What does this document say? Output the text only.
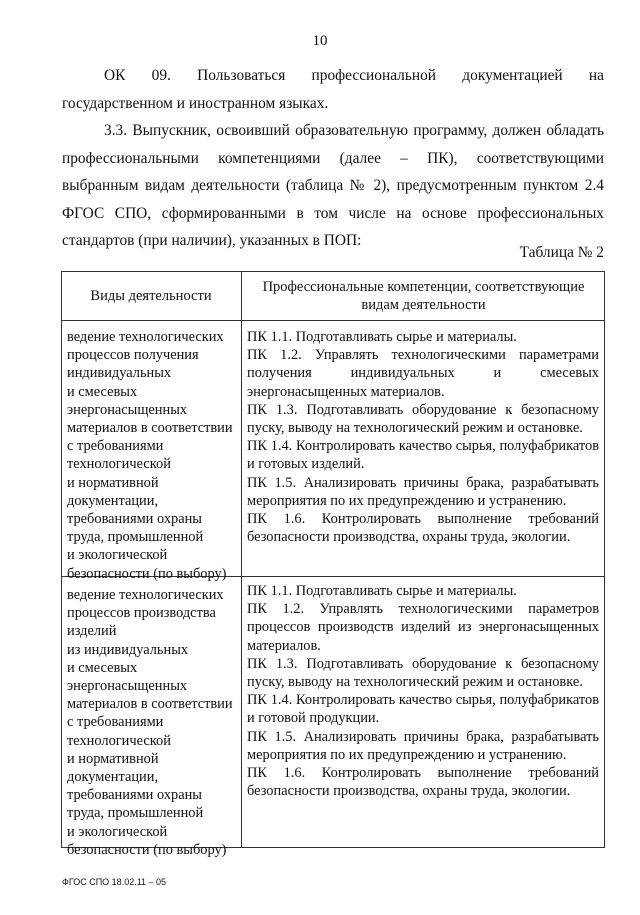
10

ОК 09. Пользоваться профессиональной документацией на государственном и иностранном языках.

3.3. Выпускник, освоивший образовательную программу, должен обладать профессиональными компетенциями (далее – ПК), соответствующими выбранным видам деятельности (таблица № 2), предусмотренным пунктом 2.4 ФГОС СПО, сформированными в том числе на основе профессиональных стандартов (при наличии), указанных в ПОП:

Таблица № 2
Виды деятельности
Профессиональные компетенции, соответствующие видам деятельности
ведение технологических
процессов получения
индивидуальных
и смесевых
энергонасыщенных
материалов в соответствии
с требованиями
технологической
и нормативной
документации,
требованиями охраны
труда, промышленной
и экологической
безопасности (по выбору)
ПК 1.1. Подготавливать сырье и материалы.
ПК 1.2. Управлять технологическими параметрами получения индивидуальных и смесевых энергонасыщенных материалов.
ПК 1.3. Подготавливать оборудование к безопасному пуску, выводу на технологический режим и остановке.
ПК 1.4. Контролировать качество сырья, полуфабрикатов и готовых изделий.
ПК 1.5. Анализировать причины брака, разрабатывать мероприятия по их предупреждению и устранению.
ПК 1.6. Контролировать выполнение требований безопасности производства, охраны труда, экологии.
ведение технологических
процессов производства
изделий
из индивидуальных
и смесевых
энергонасыщенных
материалов в соответствии
с требованиями
технологической
и нормативной
документации,
требованиями охраны
труда, промышленной
и экологической
безопасности (по выбору)
ПК 1.1. Подготавливать сырье и материалы.
ПК 1.2. Управлять технологическими параметров процессов производств изделий из энергонасыщенных материалов.
ПК 1.3. Подготавливать оборудование к безопасному пуску, выводу на технологический режим и остановке.
ПК 1.4. Контролировать качество сырья, полуфабрикатов и готовой продукции.
ПК 1.5. Анализировать причины брака, разрабатывать мероприятия по их предупреждению и устранению.
ПК 1.6. Контролировать выполнение требований безопасности производства, охраны труда, экологии.
ФГОС СПО 18.02.11 – 05
